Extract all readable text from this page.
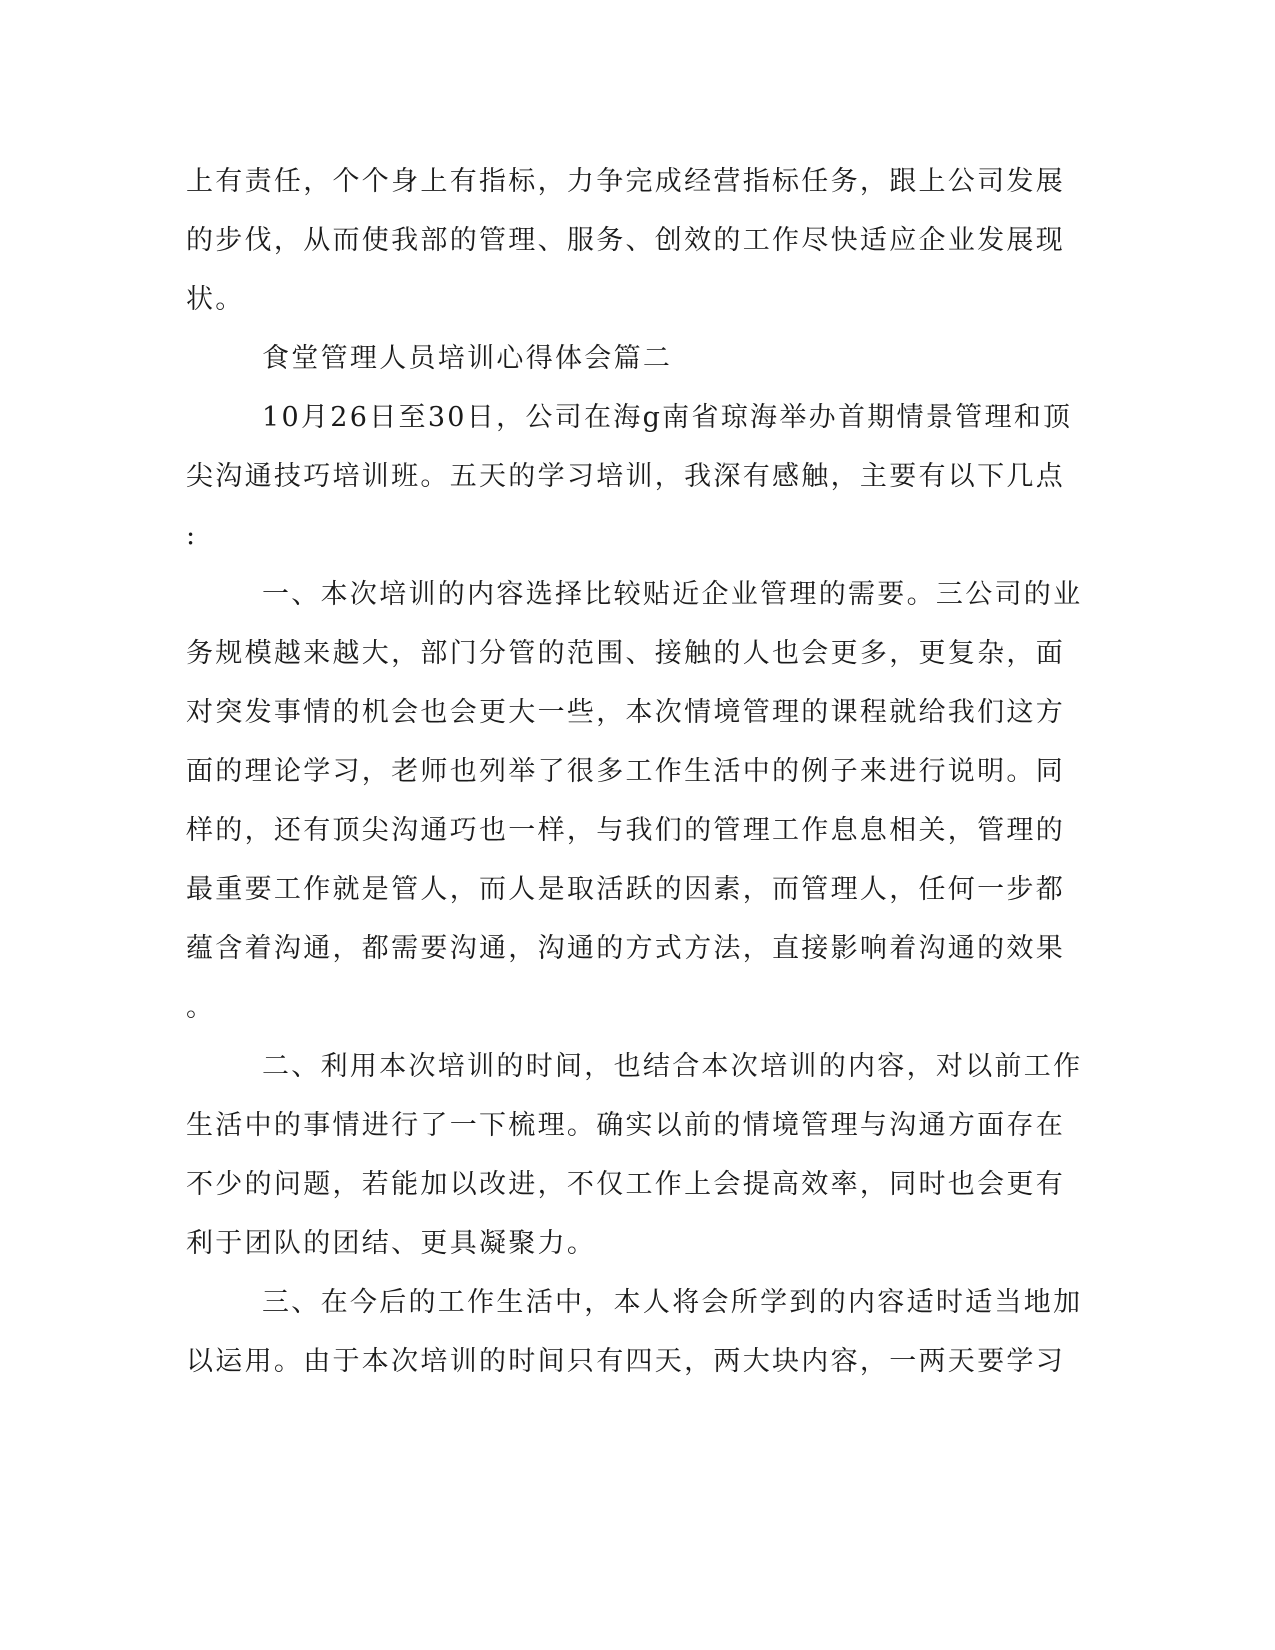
上有责任，个个身上有指标，力争完成经营指标任务，跟上公司发展
的步伐，从而使我部的管理、服务、创效的工作尽快适应企业发展现
状。
食堂管理人员培训心得体会篇二
10月26日至30日，公司在海g南省琼海举办首期情景管理和顶
尖沟通技巧培训班。五天的学习培训，我深有感触，主要有以下几点
:
一、本次培训的内容选择比较贴近企业管理的需要。三公司的业
务规模越来越大，部门分管的范围、接触的人也会更多，更复杂，面
对突发事情的机会也会更大一些，本次情境管理的课程就给我们这方
面的理论学习，老师也列举了很多工作生活中的例子来进行说明。同
样的，还有顶尖沟通巧也一样，与我们的管理工作息息相关，管理的
最重要工作就是管人，而人是取活跃的因素，而管理人，任何一步都
蕴含着沟通，都需要沟通，沟通的方式方法，直接影响着沟通的效果
。
二、利用本次培训的时间，也结合本次培训的内容，对以前工作
生活中的事情进行了一下梳理。确实以前的情境管理与沟通方面存在
不少的问题，若能加以改进，不仅工作上会提高效率，同时也会更有
利于团队的团结、更具凝聚力。
三、在今后的工作生活中，本人将会所学到的内容适时适当地加
以运用。由于本次培训的时间只有四天，两大块内容，一两天要学习
